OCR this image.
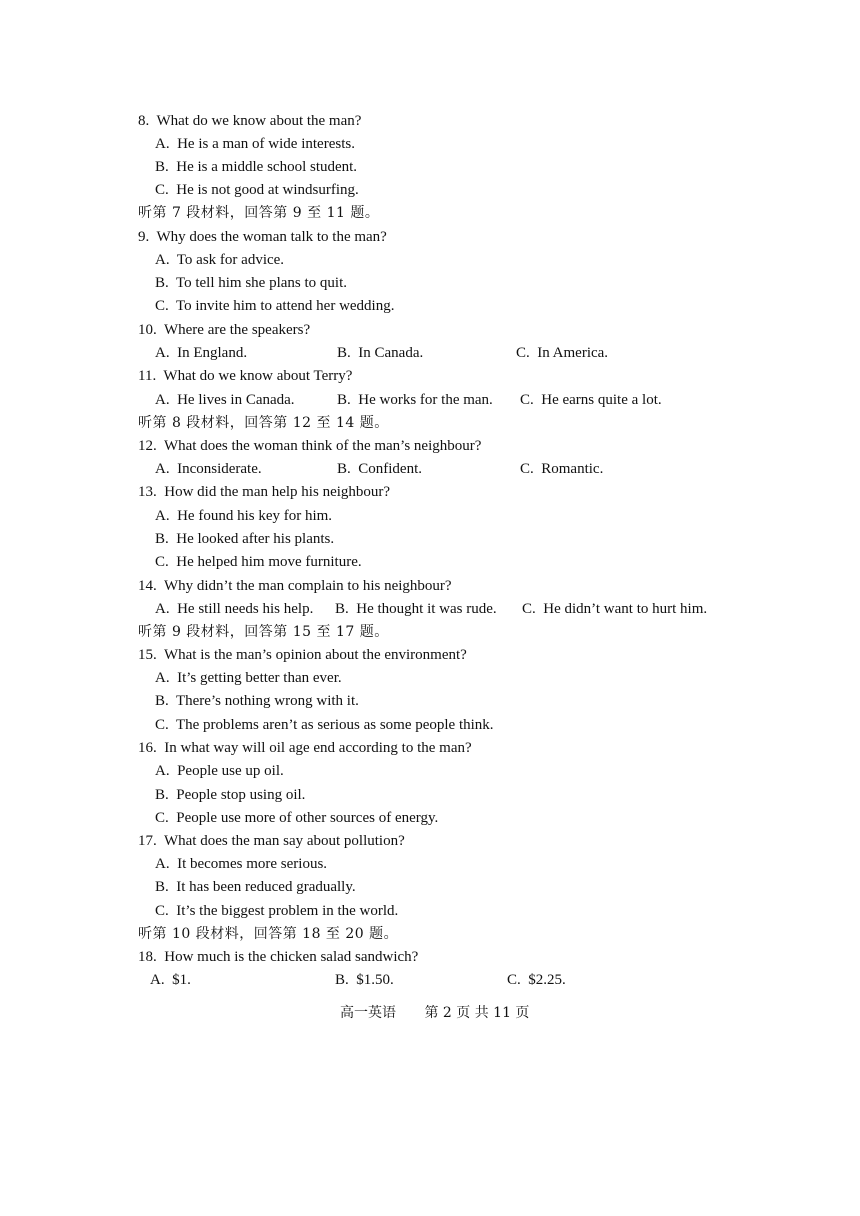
8.  What do we know about the man?
A.  He is a man of wide interests.
B.  He is a middle school student.
C.  He is not good at windsurfing.
听第 7 段材料，回答第 9 至 11 题。
9.  Why does the woman talk to the man?
A.  To ask for advice.
B.  To tell him she plans to quit.
C.  To invite him to attend her wedding.
10.  Where are the speakers?
A.  In England.	B.  In Canada.	C.  In America.
11.  What do we know about Terry?
A.  He lives in Canada.	B.  He works for the man. C.  He earns quite a lot.
听第 8 段材料，回答第 12 至 14 题。
12.  What does the woman think of the man’s neighbour?
A.  Inconsiderate.	B.  Confident.	C.  Romantic.
13.  How did the man help his neighbour?
A.  He found his key for him.
B.  He looked after his plants.
C.  He helped him move furniture.
14.  Why didn’t the man complain to his neighbour?
A.  He still needs his help. B.  He thought it was rude. C.  He didn’t want to hurt him.
听第 9 段材料，回答第 15 至 17 题。
15.  What is the man’s opinion about the environment?
A.  It’s getting better than ever.
B.  There’s nothing wrong with it.
C.  The problems aren’t as serious as some people think.
16.  In what way will oil age end according to the man?
A.  People use up oil.
B.  People stop using oil.
C.  People use more of other sources of energy.
17.  What does the man say about pollution?
A.  It becomes more serious.
B.  It has been reduced gradually.
C.  It’s the biggest problem in the world.
听第 10 段材料，回答第 18 至 20 题。
18.  How much is the chicken salad sandwich?
A.  $1.	B.  $1.50.	C.  $2.25.
高一英语 第 2 页 共 11 页
